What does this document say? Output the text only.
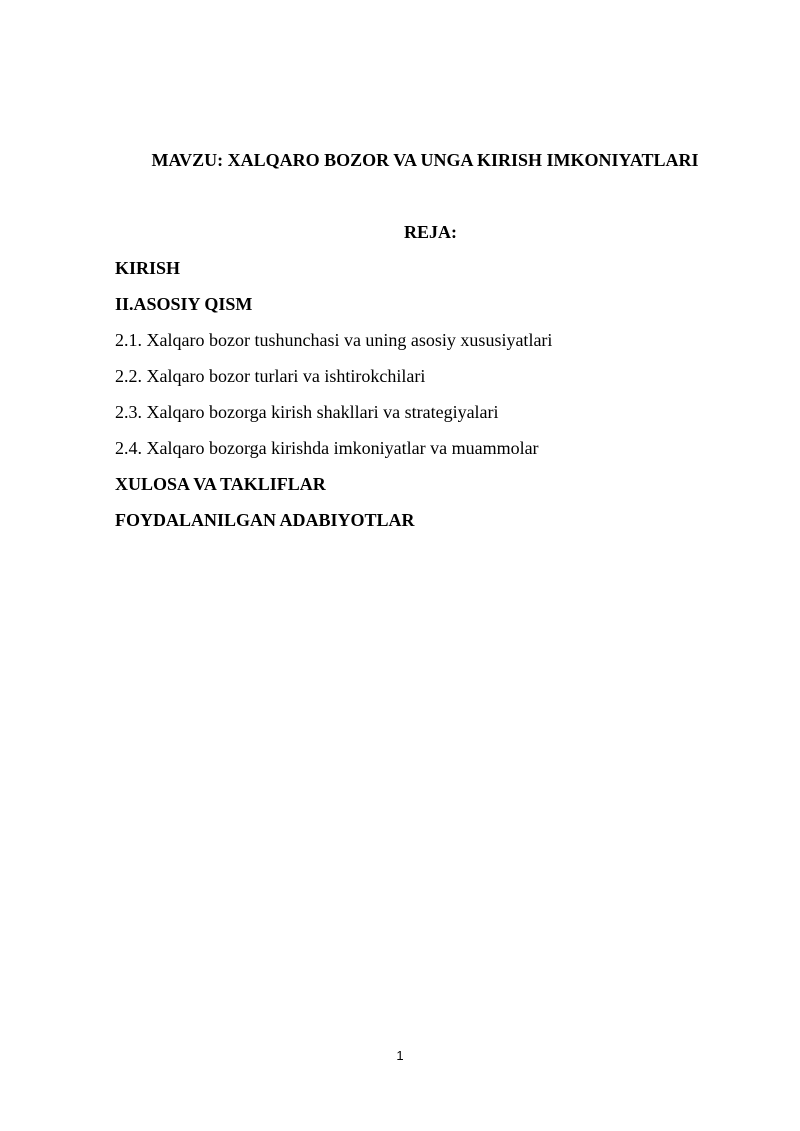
MAVZU: XALQARO BOZOR VA UNGA KIRISH IMKONIYATLARI
REJA:
KIRISH
II.ASOSIY QISM
2.1. Xalqaro bozor tushunchasi va uning asosiy xususiyatlari
2.2. Xalqaro bozor turlari va ishtirokchilari
2.3. Xalqaro bozorga kirish shakllari va strategiyalari
2.4. Xalqaro bozorga kirishda imkoniyatlar va muammolar
XULOSA VA TAKLIFLAR
FOYDALANILGAN ADABIYOTLAR
1
